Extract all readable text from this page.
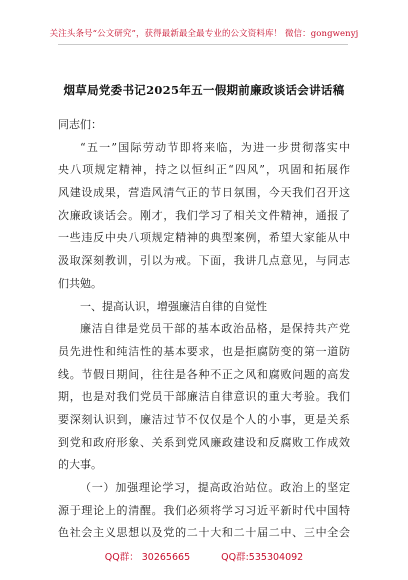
关注头条号“公文研究”，获得最新最全最专业的公文资料库！ 微信：gongwenyj
烟草局党委书记2025年五一假期前廉政谈话会讲话稿
同志们：
“五一”国际劳动节即将来临，为进一步贯彻落实中
央八项规定精神，持之以恒纠正“四风”，巩固和拓展作
风建设成果，营造风清气正的节日氛围，今天我们召开这
次廉政谈话会。刚才，我们学习了相关文件精神，通报了
一些违反中央八项规定精神的典型案例，希望大家能从中
汲取深刻教训，引以为戒。下面，我讲几点意见，与同志
们共勉。
一、提高认识，增强廉洁自律的自觉性
廉洁自律是党员干部的基本政治品格，是保持共产党
员先进性和纯洁性的基本要求，也是拒腐防变的第一道防
线。节假日期间，往往是各种不正之风和腐败问题的高发
期，也是对我们党员干部廉洁自律意识的重大考验。我们
要深刻认识到，廉洁过节不仅仅是个人的小事，更是关系
到党和政府形象、关系到党风廉政建设和反腐败工作成效
的大事。
（一）加强理论学习，提高政治站位。政治上的坚定
源于理论上的清醒。我们必须将学习习近平新时代中国特
色社会主义思想以及党的二十大和二十届二中、三中全会
QQ群： 30265665	QQ群:535304092
